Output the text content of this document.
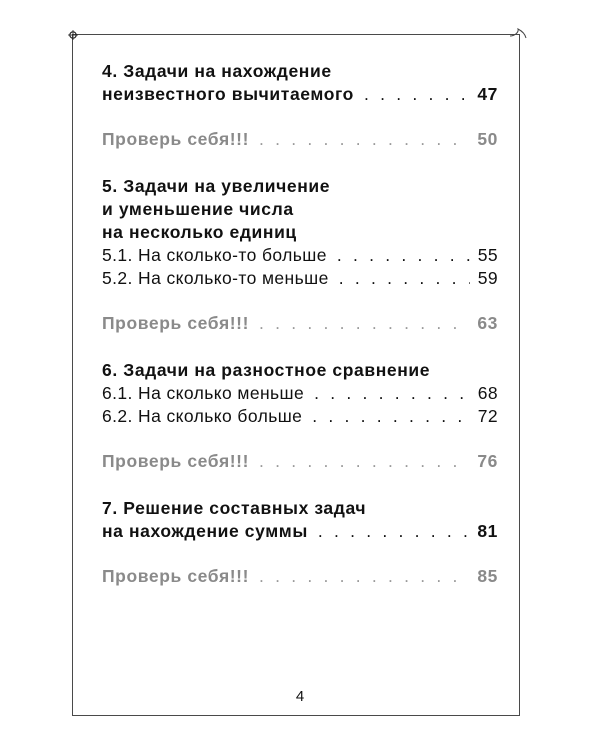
4. Задачи на нахождение
неизвестного вычитаемого . . .	47
Проверь себя!!! . . .	50
5. Задачи на увеличение
и уменьшение числа
на несколько единиц
5.1. На сколько-то больше . . .	55
5.2. На сколько-то меньше . . .	59
Проверь себя!!! . . .	63
6. Задачи на разностное сравнение
6.1. На сколько меньше . . .	68
6.2. На сколько больше . . .	72
Проверь себя!!! . . .	76
7. Решение составных задач
на нахождение суммы . . .	81
Проверь себя!!! . . .	85
4
